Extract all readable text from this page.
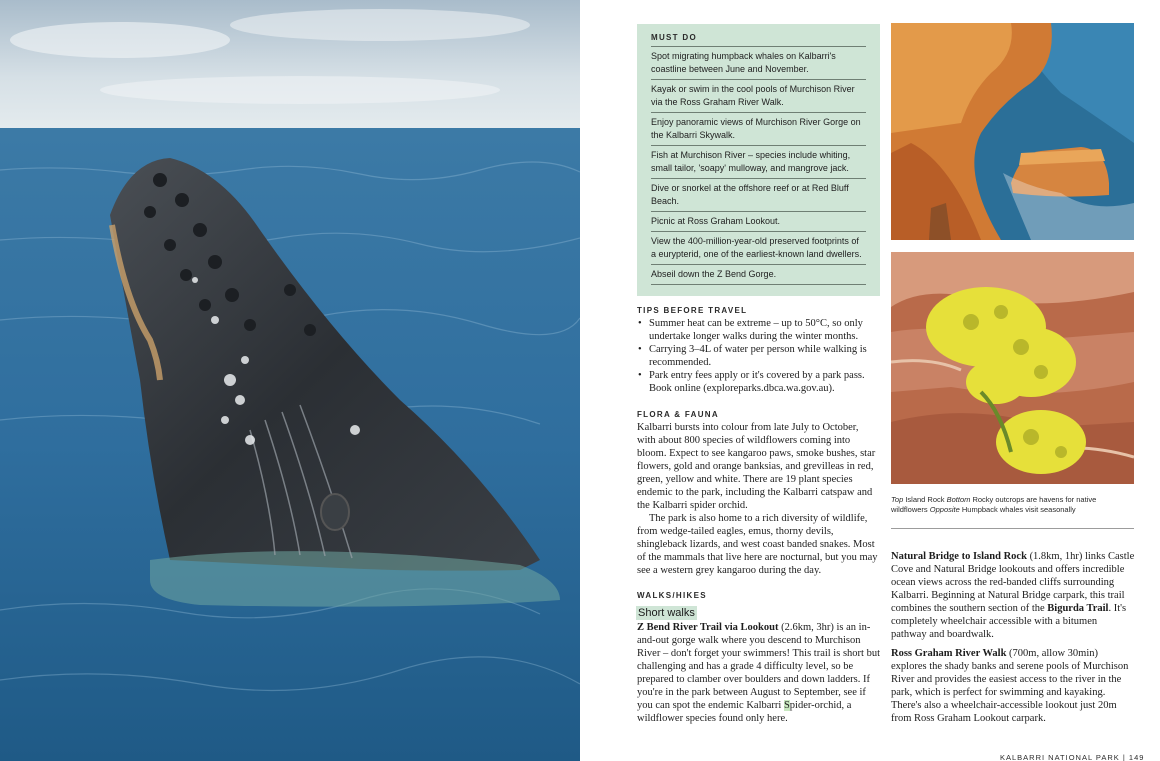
MUST DO
Spot migrating humpback whales on Kalbarri's coastline between June and November.
Kayak or swim in the cool pools of Murchison River via the Ross Graham River Walk.
Enjoy panoramic views of Murchison River Gorge on the Kalbarri Skywalk.
Fish at Murchison River – species include whiting, small tailor, 'soapy' mulloway, and mangrove jack.
Dive or snorkel at the offshore reef or at Red Bluff Beach.
Picnic at Ross Graham Lookout.
View the 400-million-year-old preserved footprints of a eurypterid, one of the earliest-known land dwellers.
Abseil down the Z Bend Gorge.
TIPS BEFORE TRAVEL
• Summer heat can be extreme – up to 50°C, so only undertake longer walks during the winter months.
• Carrying 3–4L of water per person while walking is recommended.
• Park entry fees apply or it's covered by a park pass. Book online (exploreparks.dbca.wa.gov.au).
FLORA & FAUNA

Kalbarri bursts into colour from late July to October, with about 800 species of wildflowers coming into bloom. Expect to see kangaroo paws, smoke bushes, star flowers, gold and orange banksias, and grevilleas in red, green, yellow and white. There are 19 plant species endemic to the park, including the Kalbarri catspaw and the Kalbarri spider orchid.

The park is also home to a rich diversity of wildlife, from wedge-tailed eagles, emus, thorny devils, shingleback lizards, and west coast banded snakes. Most of the mammals that live here are nocturnal, but you may see a western grey kangaroo during the day.

WALKS/HIKES
Short walks

Z Bend River Trail via Lookout (2.6km, 3hr) is an in-and-out gorge walk where you descend to Murchison River – don't forget your swimmers! This trail is short but challenging and has a grade 4 difficulty level, so be prepared to clamber over boulders and down ladders. If you're in the park between August to September, see if you can spot the endemic Kalbarri Spider-orchid, a wildflower species found only here.

Top Island Rock Bottom Rocky outcrops are havens for native wildflowers Opposite Humpback whales visit seasonally

Natural Bridge to Island Rock (1.8km, 1hr) links Castle Cove and Natural Bridge lookouts and offers incredible ocean views across the red-banded cliffs surrounding Kalbarri. Beginning at Natural Bridge carpark, this trail combines the southern section of the Bigurda Trail. It's completely wheelchair accessible with a bitumen pathway and boardwalk.

Ross Graham River Walk (700m, allow 30min) explores the shady banks and serene pools of Murchison River and provides the easiest access to the river in the park, which is perfect for swimming and kayaking. There's also a wheelchair-accessible lookout just 20m from Ross Graham Lookout carpark.

KALBARRI NATIONAL PARK | 149
